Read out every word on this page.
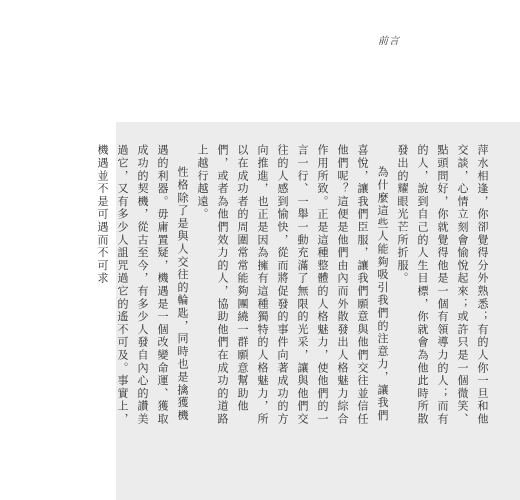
前言

萍水相逢，你卻覺得分外熟悉；有的人你一旦和他交談，心情立刻會愉悅起來；或許只是一個微笑、點頭問好，你就覺得他是一個有領導力的人；而有的人，說到自己的人生目標，你就會為他此時所散發出的耀眼光芒所折服。

為什麼這些人能夠吸引我們的注意力，讓我們喜悅，讓我們臣服，讓我們願意與他們交往並信任他們呢？這便是他們由內而外散發出人格魅力綜合作用所致。正是這種整體的人格魅力，使他們的一言一行、一舉一動充滿了無限的光采，讓與他們交往的人感到愉快，從而將促發的事件向著成功的方向推進，也正是因為擁有這種獨特的人格魅力，所以在成功者的周圍常常能夠團繞一群願意幫助他們，或者為他們效力的人，協助他們在成功的道路上越行越遠。

性格除了是與人交往的輪匙，同時也是擒獲機遇的利器。毋庸置疑，機遇是一個改變命運、獲取成功的契機，從古至今，有多少人發自內心的讚美過它，又有多少人詛咒過它的遙不可及。事實上，機遇並不是可遇而不可求
